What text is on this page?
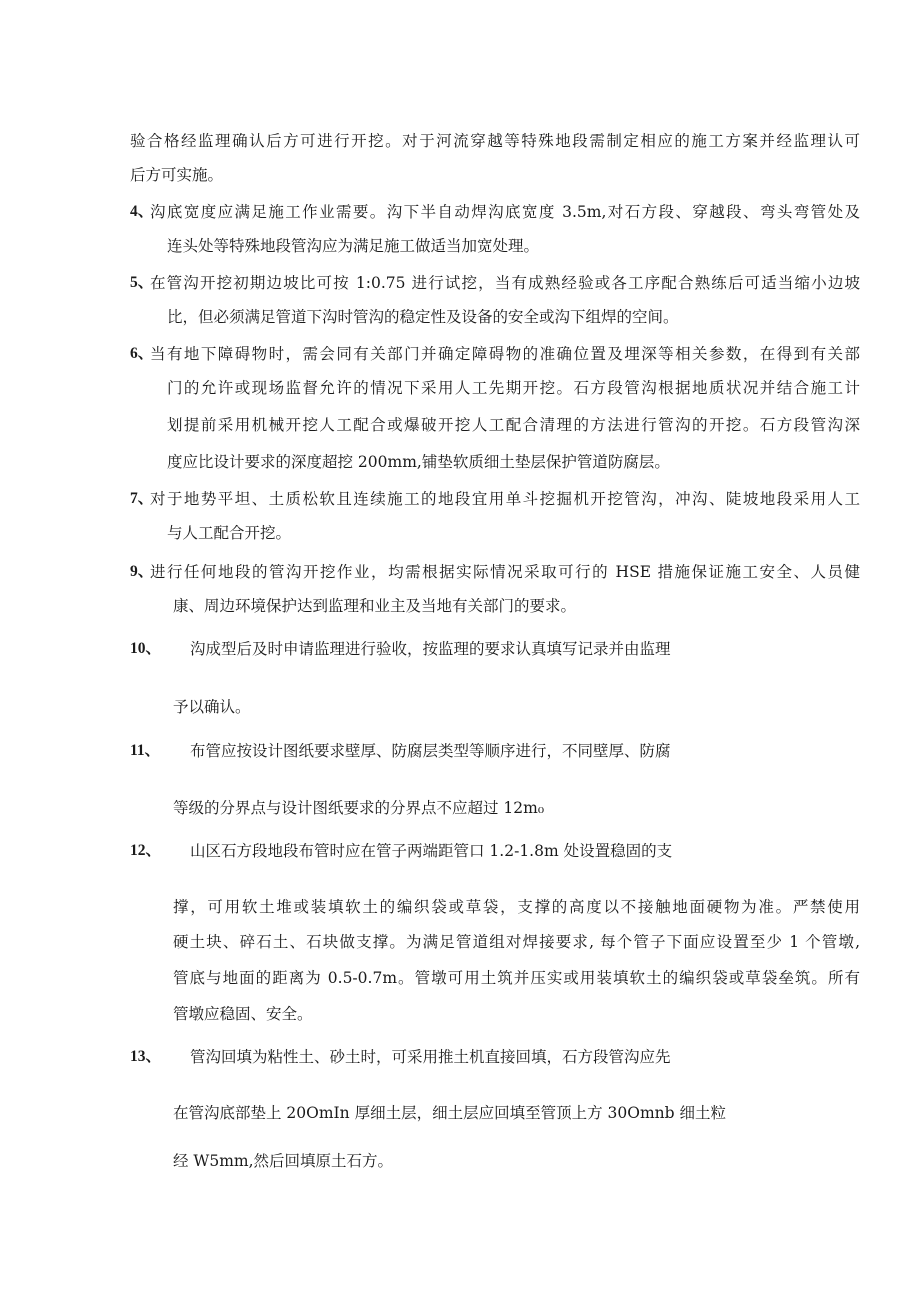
验合格经监理确认后方可进行开挖。对于河流穿越等特殊地段需制定相应的施工方案并经监理认可
后方可实施。
4、
沟底宽度应满足施工作业需要。沟下半自动焊沟底宽度 3.5m,对石方段、穿越段、弯头弯管处及
连头处等特殊地段管沟应为满足施工做适当加宽处理。
5、
在管沟开挖初期边坡比可按 1:0.75 进行试挖，当有成熟经验或各工序配合熟练后可适当缩小边坡
比，但必须满足管道下沟时管沟的稳定性及设备的安全或沟下组焊的空间。
6、
当有地下障碍物时，需会同有关部门并确定障碍物的准确位置及埋深等相关参数，在得到有关部
门的允许或现场监督允许的情况下采用人工先期开挖。石方段管沟根据地质状况并结合施工计
划提前采用机械开挖人工配合或爆破开挖人工配合清理的方法进行管沟的开挖。石方段管沟深
度应比设计要求的深度超挖 200mm,铺垫软质细土垫层保护管道防腐层。
7、
对于地势平坦、土质松软且连续施工的地段宜用单斗挖掘机开挖管沟，冲沟、陡坡地段采用人工
与人工配合开挖。
9、
进行任何地段的管沟开挖作业，均需根据实际情况采取可行的 HSE 措施保证施工安全、人员健
康、周边环境保护达到监理和业主及当地有关部门的要求。
10、 沟成型后及时申请监理进行验收，按监理的要求认真填写记录并由监理
予以确认。
11、 布管应按设计图纸要求壁厚、防腐层类型等顺序进行，不同壁厚、防腐
等级的分界点与设计图纸要求的分界点不应超过 12m₀
12、 山区石方段地段布管时应在管子两端距管口 1.2-1.8m 处设置稳固的支
撑，可用软土堆或装填软土的编织袋或草袋，支撑的高度以不接触地面硬物为准。严禁使用
硬土块、碎石土、石块做支撑。为满足管道组对焊接要求, 每个管子下面应设置至少 1 个管墩,
管底与地面的距离为 0.5-0.7m。管墩可用土筑并压实或用装填软土的编织袋或草袋垒筑。所有
管墩应稳固、安全。
13、 管沟回填为粘性土、砂土时，可采用推土机直接回填，石方段管沟应先
在管沟底部垫上 20OmIn 厚细土层，细土层应回填至管顶上方 30Omnb 细土粒
经 W5mm,然后回填原土石方。
